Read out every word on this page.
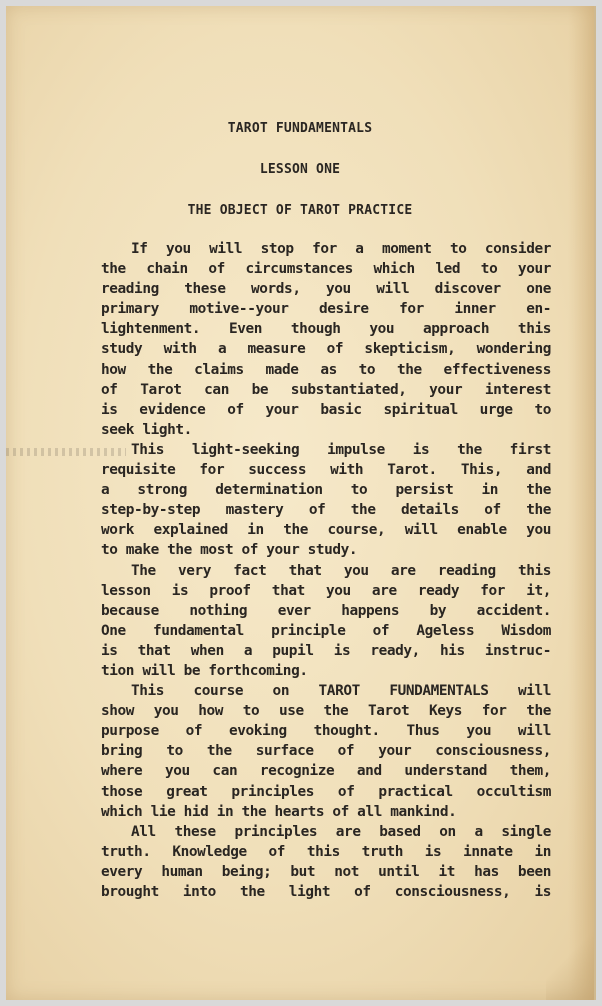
TAROT FUNDAMENTALS
LESSON ONE
THE OBJECT OF TAROT PRACTICE
If you will stop for a moment to consider
the chain of circumstances which led to your
reading these words, you will discover one
primary motive--your desire for inner en-
lightenment. Even though you approach this
study with a measure of skepticism, wondering
how the claims made as to the effectiveness
of Tarot can be substantiated, your interest
is evidence of your basic spiritual urge to
seek light.
This light-seeking impulse is the first
requisite for success with Tarot. This, and
a strong determination to persist in the
step-by-step mastery of the details of the
work explained in the course, will enable you
to make the most of your study.
The very fact that you are reading this
lesson is proof that you are ready for it,
because nothing ever happens by accident.
One fundamental principle of Ageless Wisdom
is that when a pupil is ready, his instruc-
tion will be forthcoming.
This course on TAROT FUNDAMENTALS will
show you how to use the Tarot Keys for the
purpose of evoking thought. Thus you will
bring to the surface of your consciousness,
where you can recognize and understand them,
those great principles of practical occultism
which lie hid in the hearts of all mankind.
All these principles are based on a single
truth. Knowledge of this truth is innate in
every human being; but not until it has been
brought into the light of consciousness, is
